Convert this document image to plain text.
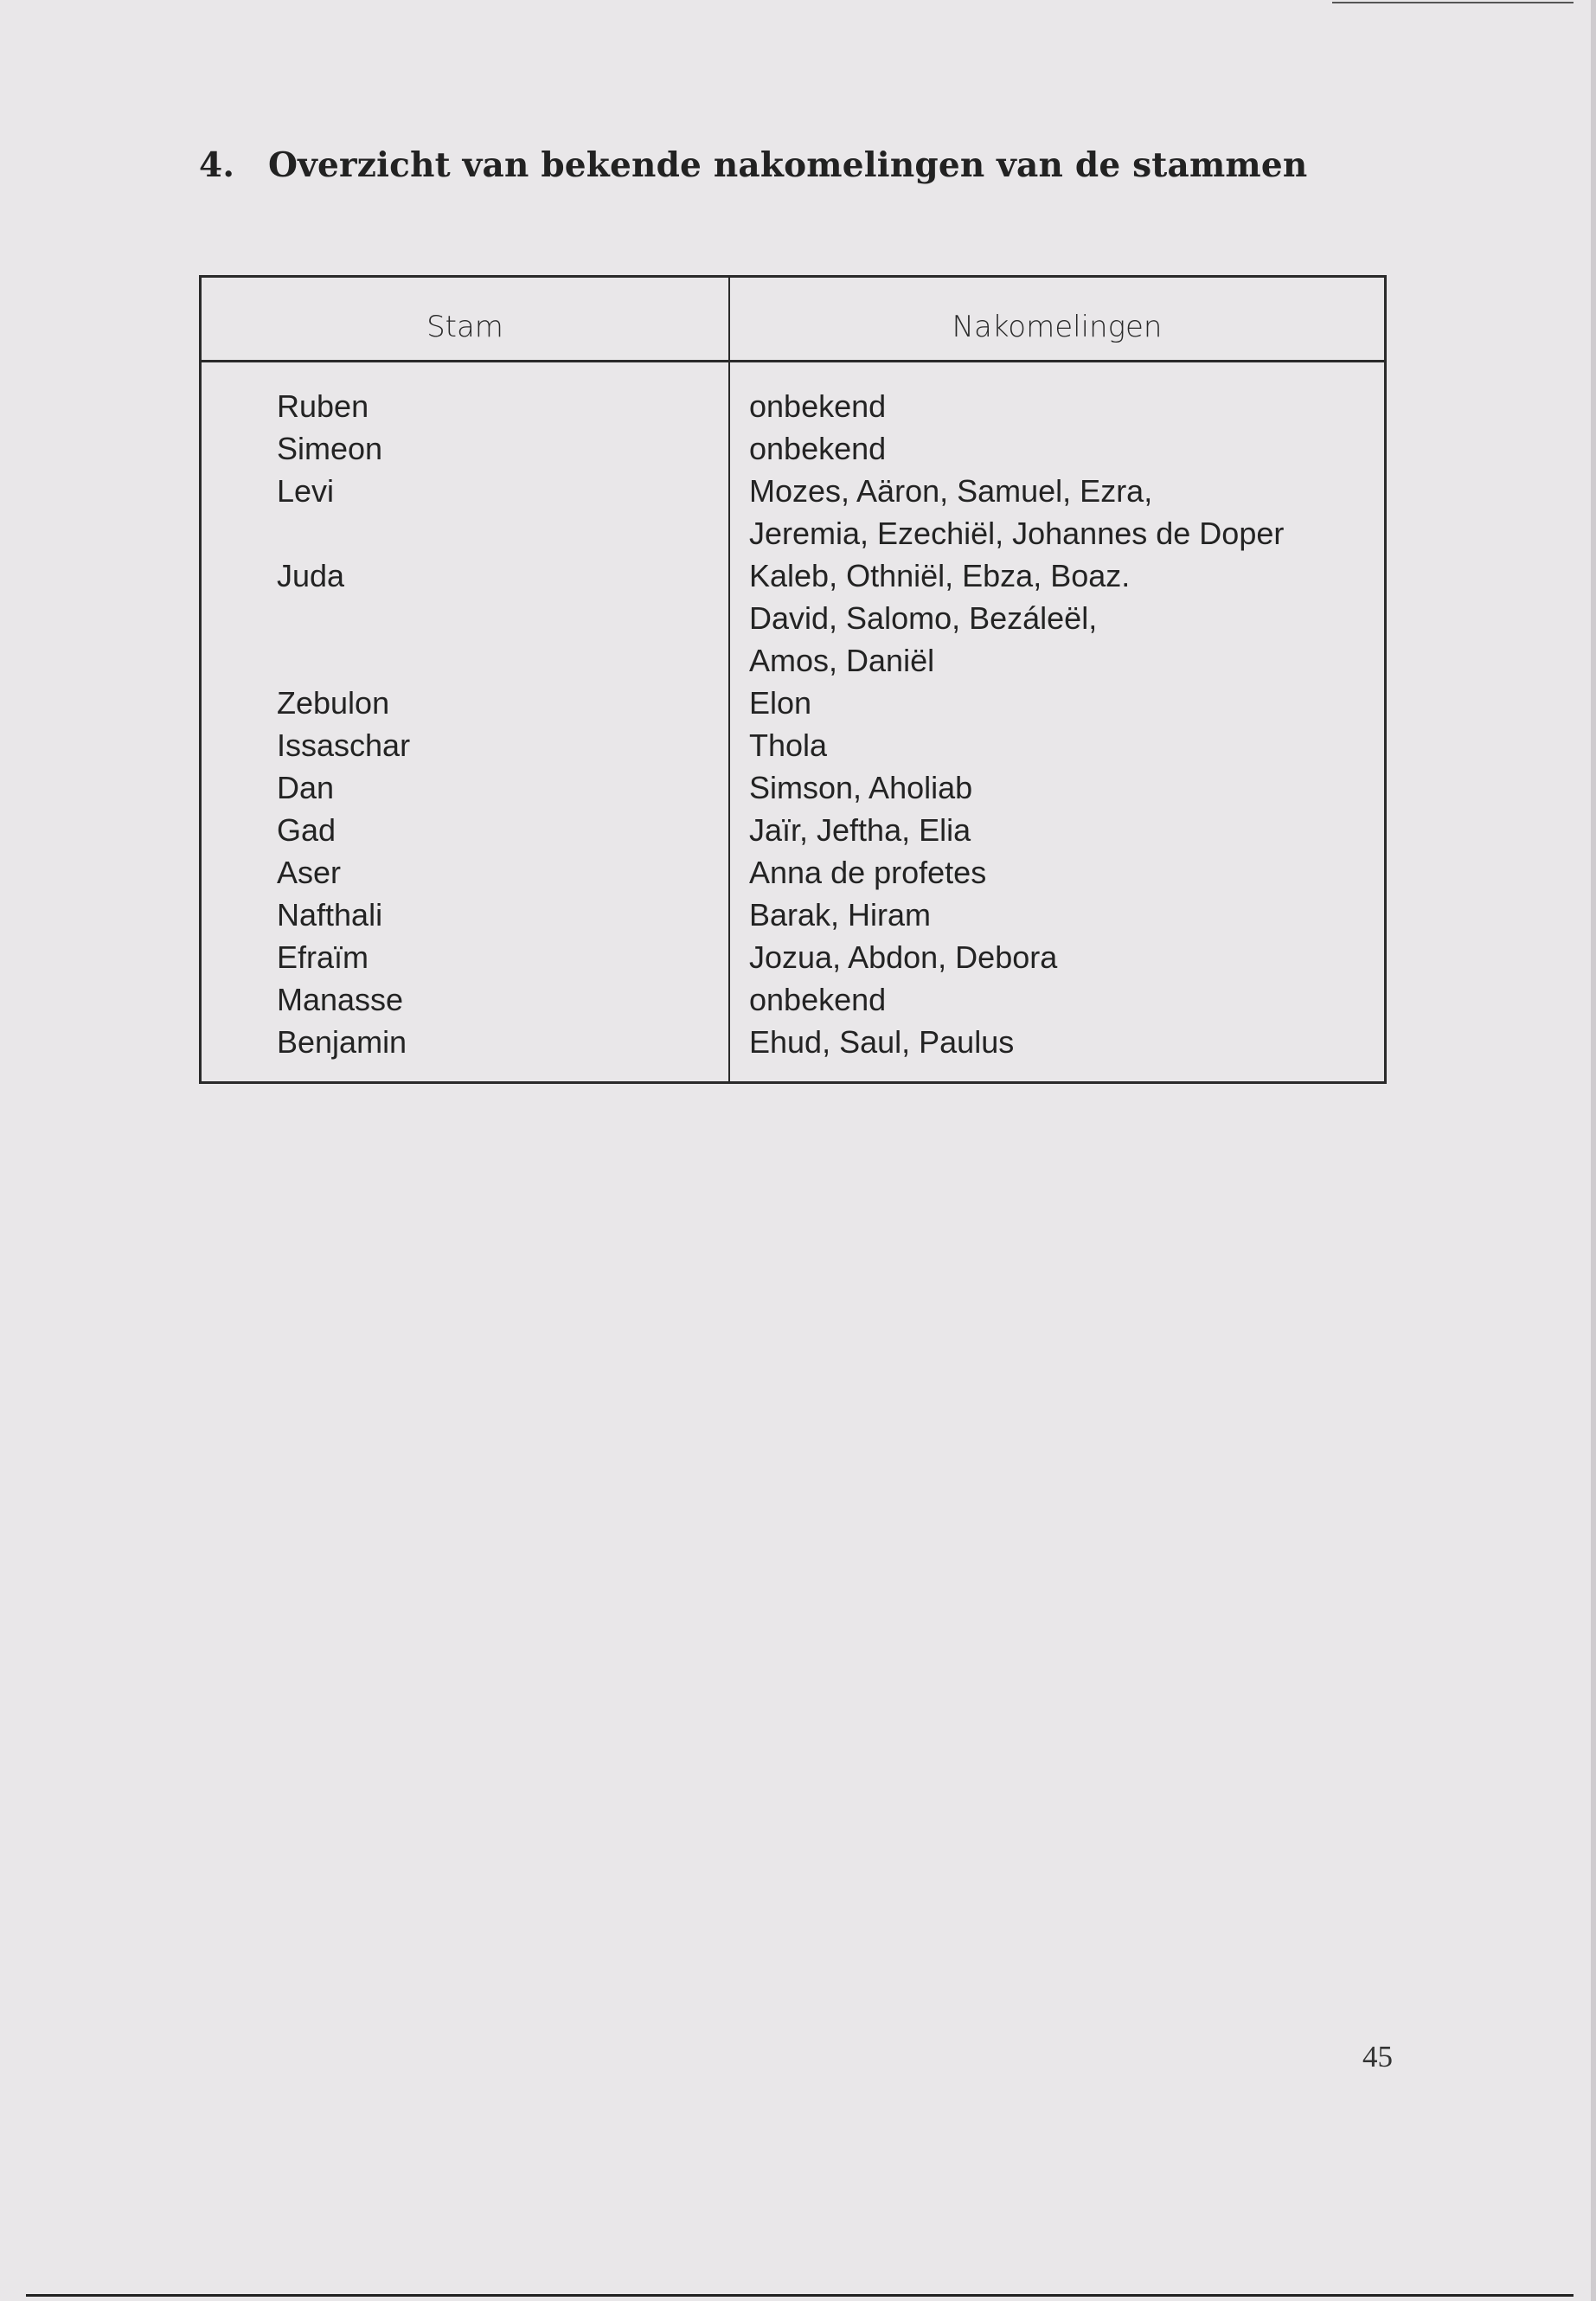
4. Overzicht van bekende nakomelingen van de stammen
Stam	Nakomelingen
Ruben
Simeon
Levi
Juda
Zebulon
Issaschar
Dan
Gad
Aser
Nafthali
Efraïm
Manasse
Benjamin
onbekend
onbekend
Mozes, Aäron, Samuel, Ezra,
Jeremia, Ezechiël, Johannes de Doper
Kaleb, Othniël, Ebza, Boaz.
David, Salomo, Bezáleël,
Amos, Daniël
Elon
Thola
Simson, Aholiab
Jaïr, Jeftha, Elia
Anna de profetes
Barak, Hiram
Jozua, Abdon, Debora
onbekend
Ehud, Saul, Paulus
45
